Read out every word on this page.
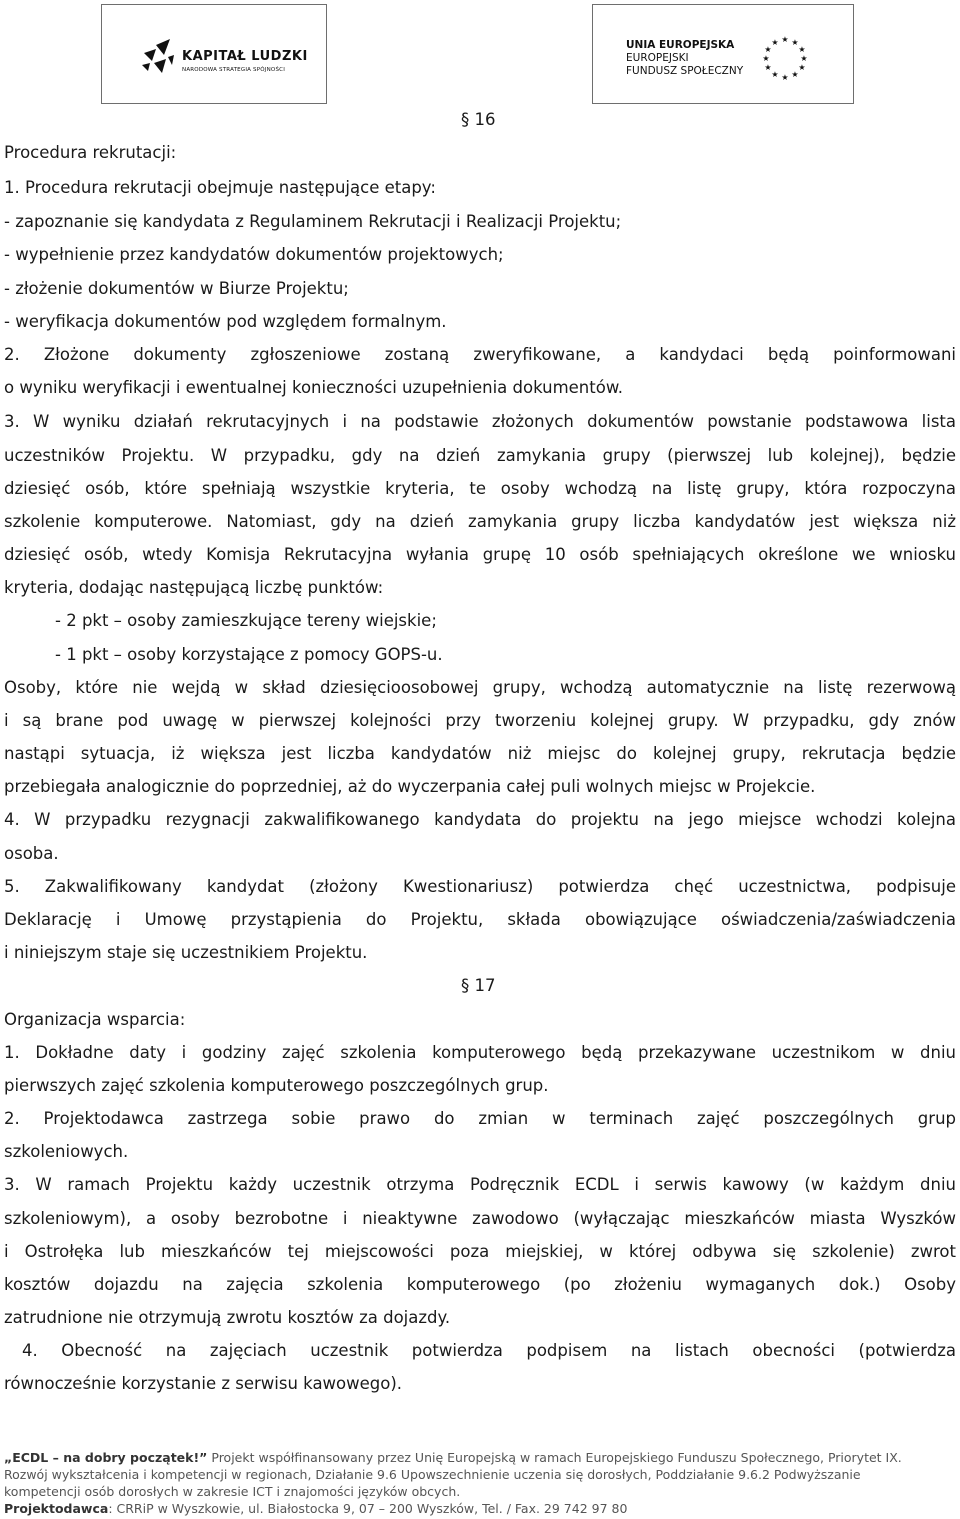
KAPITAŁ LUDZKI
NARODOWA STRATEGIA SPÓJNOŚCI
UNIA EUROPEJSKA
EUROPEJSKI
FUNDUSZ SPOŁECZNY
★ ★
★
★
★
★
★
★
★
★
★
★
§ 16
Procedura rekrutacji:
1. Procedura rekrutacji obejmuje następujące etapy:
- zapoznanie się kandydata z Regulaminem Rekrutacji i Realizacji Projektu;
- wypełnienie przez kandydatów dokumentów projektowych;
- złożenie dokumentów w Biurze Projektu;
- weryfikacja dokumentów pod względem formalnym.
2. Złożone dokumenty zgłoszeniowe zostaną zweryfikowane, a kandydaci będą poinformowani
o wyniku weryfikacji i ewentualnej konieczności uzupełnienia dokumentów.
3. W wyniku działań rekrutacyjnych i na podstawie złożonych dokumentów powstanie podstawowa lista
uczestników Projektu. W przypadku, gdy na dzień zamykania grupy (pierwszej lub kolejnej), będzie
dziesięć osób, które spełniają wszystkie kryteria, te osoby wchodzą na listę grupy, która rozpoczyna
szkolenie komputerowe. Natomiast, gdy na dzień zamykania grupy liczba kandydatów jest większa niż
dziesięć osób, wtedy Komisja Rekrutacyjna wyłania grupę 10 osób spełniających określone we wniosku
kryteria, dodając następującą liczbę punktów:
- 2 pkt – osoby zamieszkujące tereny wiejskie;
- 1 pkt – osoby korzystające z pomocy GOPS-u.
Osoby, które nie wejdą w skład dziesięcioosobowej grupy, wchodzą automatycznie na listę rezerwową
i są brane pod uwagę w pierwszej kolejności przy tworzeniu kolejnej grupy. W przypadku, gdy znów
nastąpi sytuacja, iż większa jest liczba kandydatów niż miejsc do kolejnej grupy, rekrutacja będzie
przebiegała analogicznie do poprzedniej, aż do wyczerpania całej puli wolnych miejsc w Projekcie.
4. W przypadku rezygnacji zakwalifikowanego kandydata do projektu na jego miejsce wchodzi kolejna
osoba.
5. Zakwalifikowany kandydat (złożony Kwestionariusz) potwierdza chęć uczestnictwa, podpisuje
Deklarację i Umowę przystąpienia do Projektu, składa obowiązujące oświadczenia/zaświadczenia
i niniejszym staje się uczestnikiem Projektu.
§ 17
Organizacja wsparcia:
1. Dokładne daty i godziny zajęć szkolenia komputerowego będą przekazywane uczestnikom w dniu
pierwszych zajęć szkolenia komputerowego poszczególnych grup.
2. Projektodawca zastrzega sobie prawo do zmian w terminach zajęć poszczególnych grup
szkoleniowych.
3. W ramach Projektu każdy uczestnik otrzyma Podręcznik ECDL i serwis kawowy (w każdym dniu
szkoleniowym), a osoby bezrobotne i nieaktywne zawodowo (wyłączając mieszkańców miasta Wyszków
i Ostrołęka lub mieszkańców tej miejscowości poza miejskiej, w której odbywa się szkolenie) zwrot
kosztów dojazdu na zajęcia szkolenia komputerowego (po złożeniu wymaganych dok.) Osoby
zatrudnione nie otrzymują zwrotu kosztów za dojazdy.
4. Obecność na zajęciach uczestnik potwierdza podpisem na listach obecności (potwierdza
równocześnie korzystanie z serwisu kawowego).
„ECDL – na dobry początek!” Projekt współfinansowany przez Unię Europejską w ramach Europejskiego Funduszu Społecznego, Priorytet IX.
Rozwój wykształcenia i kompetencji w regionach, Działanie 9.6 Upowszechnienie uczenia się dorosłych, Poddziałanie 9.6.2 Podwyższanie
kompetencji osób dorosłych w zakresie ICT i znajomości języków obcych.
Projektodawca: CRRiP w Wyszkowie, ul. Białostocka 9, 07 – 200 Wyszków, Tel. / Fax. 29 742 97 80
